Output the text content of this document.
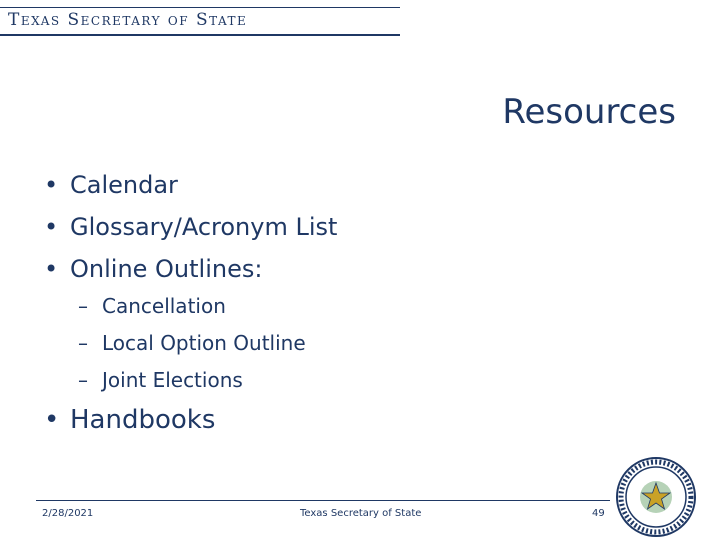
Texas Secretary of State
Resources
• Calendar
• Glossary/Acronym List
• Online Outlines:
– Cancellation
– Local Option Outline
– Joint Elections
• Handbooks
2/28/2021	Texas Secretary of State	49
